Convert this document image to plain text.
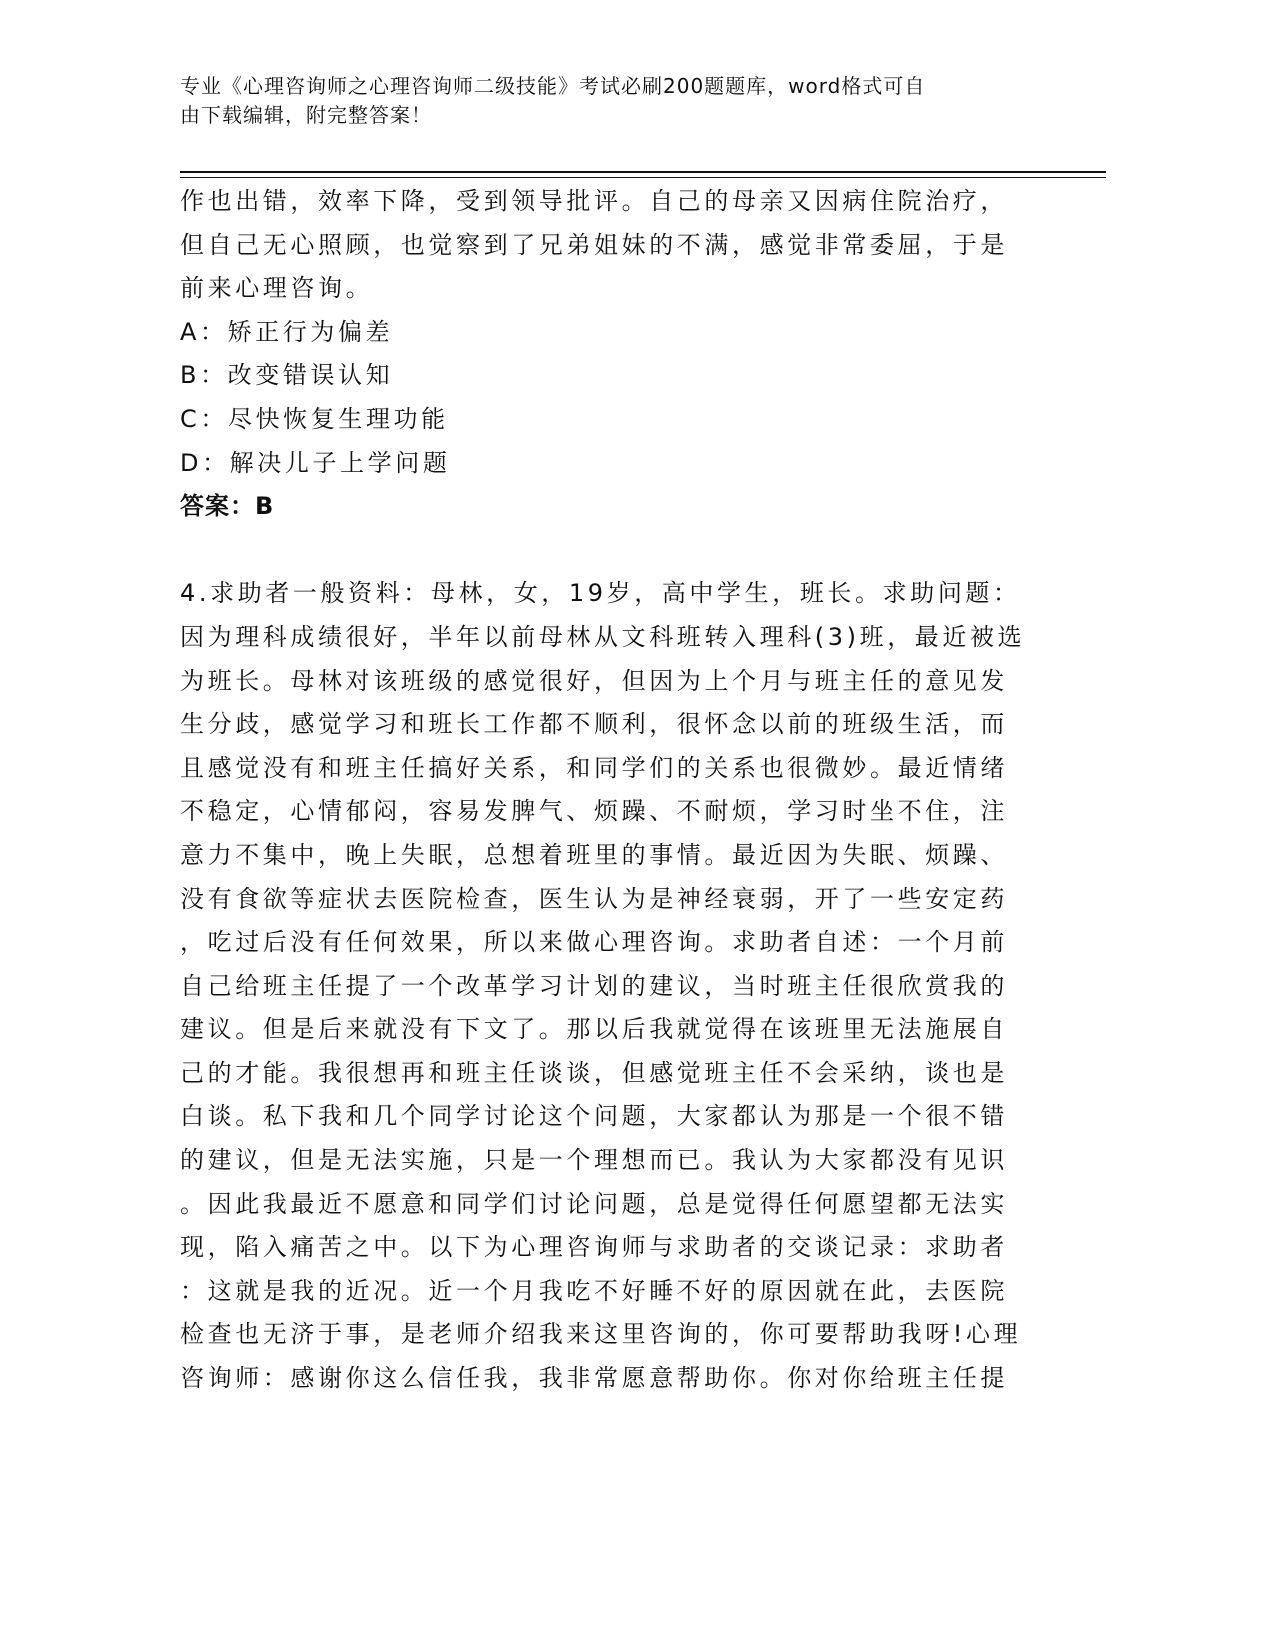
专业《心理咨询师之心理咨询师二级技能》考试必刷200题题库，word格式可自
由下载编辑，附完整答案！
作也出错，效率下降，受到领导批评。自己的母亲又因病住院治疗，
但自己无心照顾，也觉察到了兄弟姐妹的不满，感觉非常委屈，于是
前来心理咨询。
A：矫正行为偏差
B：改变错误认知
C：尽快恢复生理功能
D：解决儿子上学问题
答案：B
4.求助者一般资料：母林，女，19岁，高中学生，班长。求助问题：
因为理科成绩很好，半年以前母林从文科班转入理科(3)班，最近被选
为班长。母林对该班级的感觉很好，但因为上个月与班主任的意见发
生分歧，感觉学习和班长工作都不顺利，很怀念以前的班级生活，而
且感觉没有和班主任搞好关系，和同学们的关系也很微妙。最近情绪
不稳定，心情郁闷，容易发脾气、烦躁、不耐烦，学习时坐不住，注
意力不集中，晚上失眠，总想着班里的事情。最近因为失眠、烦躁、
没有食欲等症状去医院检查，医生认为是神经衰弱，开了一些安定药
，吃过后没有任何效果，所以来做心理咨询。求助者自述：一个月前
自己给班主任提了一个改革学习计划的建议，当时班主任很欣赏我的
建议。但是后来就没有下文了。那以后我就觉得在该班里无法施展自
己的才能。我很想再和班主任谈谈，但感觉班主任不会采纳，谈也是
白谈。私下我和几个同学讨论这个问题，大家都认为那是一个很不错
的建议，但是无法实施，只是一个理想而已。我认为大家都没有见识
。因此我最近不愿意和同学们讨论问题，总是觉得任何愿望都无法实
现，陷入痛苦之中。以下为心理咨询师与求助者的交谈记录：求助者
：这就是我的近况。近一个月我吃不好睡不好的原因就在此，去医院
检查也无济于事，是老师介绍我来这里咨询的，你可要帮助我呀!心理
咨询师：感谢你这么信任我，我非常愿意帮助你。你对你给班主任提
